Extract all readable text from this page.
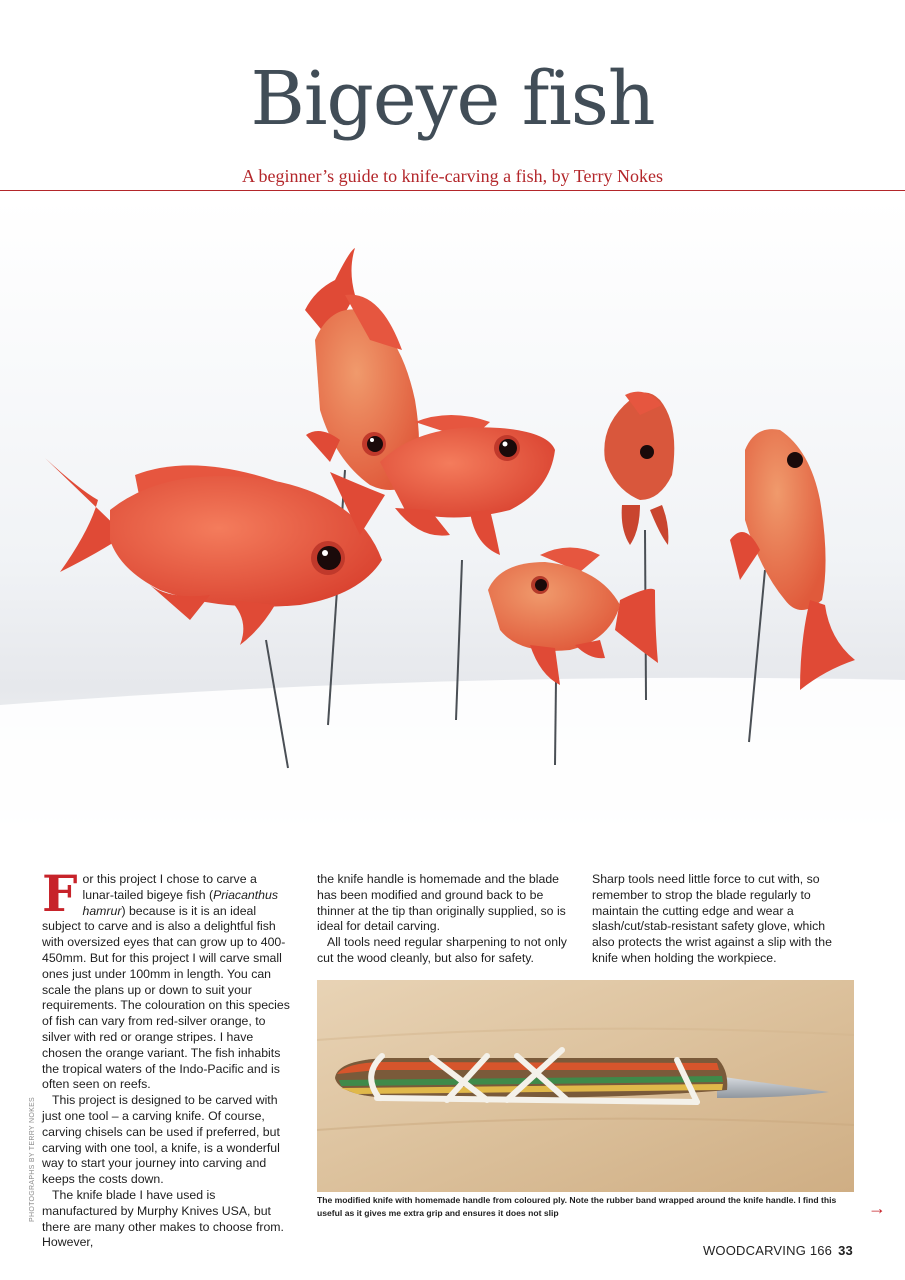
Bigeye fish
A beginner’s guide to knife-carving a fish, by Terry Nokes

For this project I chose to carve a lunar-tailed bigeye fish (Priacanthus hamrur) because is it is an ideal subject to carve and is also a delightful fish with oversized eyes that can grow up to 400-450mm. But for this project I will carve small ones just under 100mm in length. You can scale the plans up or down to suit your requirements. The colouration on this species of fish can vary from red-silver orange, to silver with red or orange stripes. I have chosen the orange variant. The fish inhabits the tropical waters of the Indo-Pacific and is often seen on reefs.

This project is designed to be carved with just one tool – a carving knife. Of course, carving chisels can be used if preferred, but carving with one tool, a knife, is a wonderful way to start your journey into carving and keeps the costs down.

The knife blade I have used is manufactured by Murphy Knives USA, but there are many other makes to choose from. However,

the knife handle is homemade and the blade has been modified and ground back to be thinner at the tip than originally supplied, so is ideal for detail carving.

All tools need regular sharpening to not only cut the wood cleanly, but also for safety.

Sharp tools need little force to cut with, so remember to strop the blade regularly to maintain the cutting edge and wear a slash/cut/stab-resistant safety glove, which also protects the wrist against a slip with the knife when holding the workpiece.

The modified knife with homemade handle from coloured ply. Note the rubber band wrapped around the knife handle. I find this useful as it gives me extra grip and ensures it does not slip
PHOTOGRAPHS BY TERRY NOKES	→
WOODCARVING 166 33
